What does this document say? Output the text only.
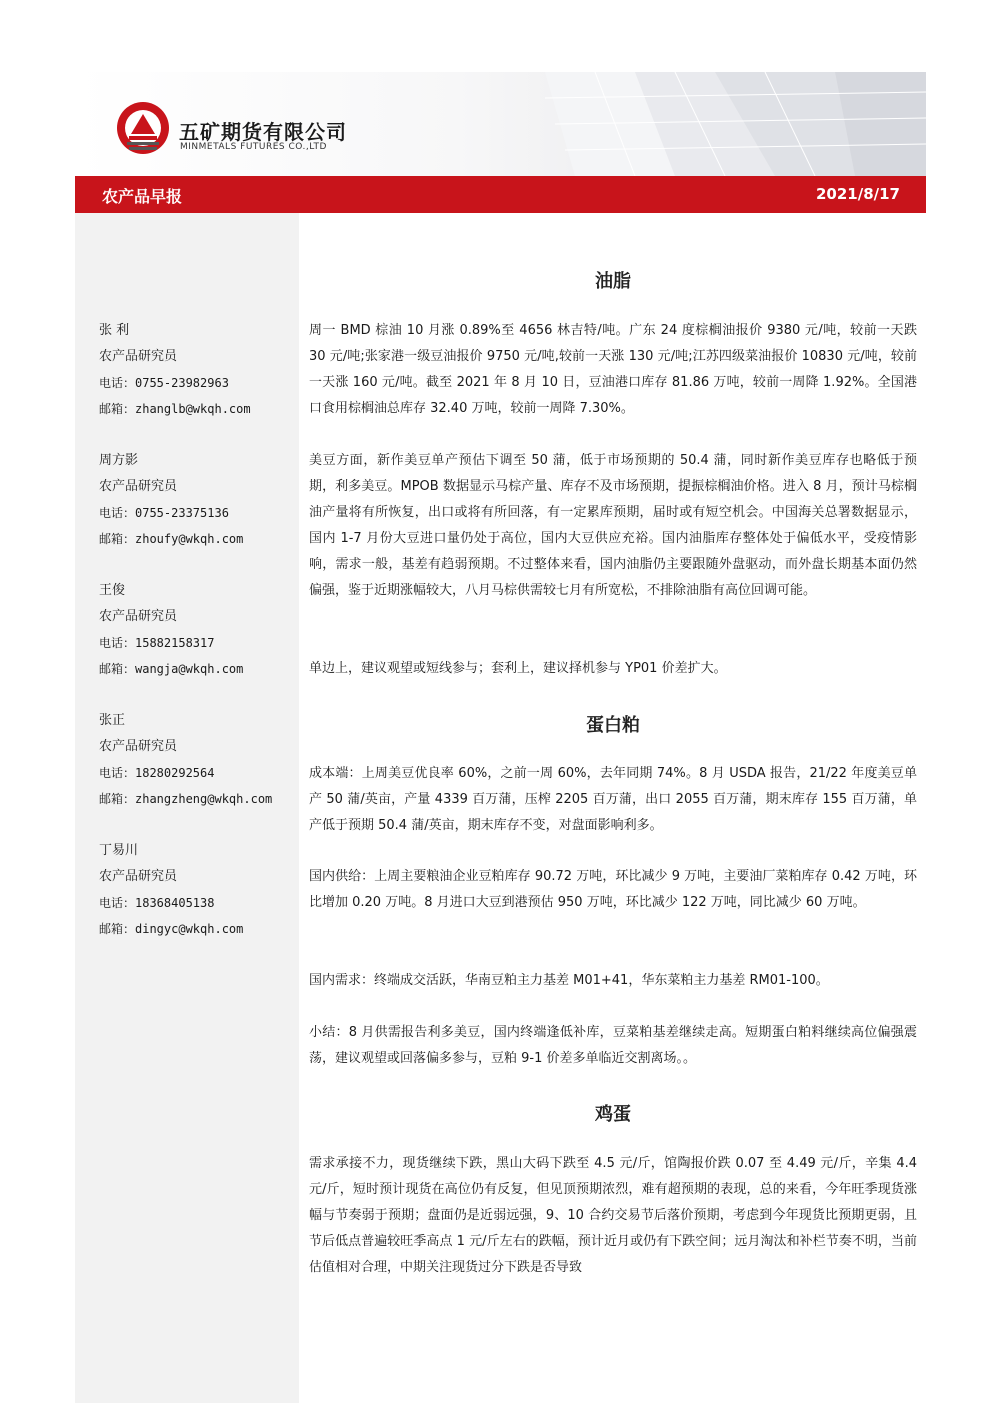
五矿期货有限公司
MINMETALS FUTURES CO.,LTD
农产品早报	2021/8/17
张 利
农产品研究员
电话：0755-23982963
邮箱：zhanglb@wkqh.com
周方影
农产品研究员
电话：0755-23375136
邮箱：zhoufy@wkqh.com
王俊
农产品研究员
电话：15882158317
邮箱：wangja@wkqh.com
张正
农产品研究员
电话：18280292564
邮箱：zhangzheng@wkqh.com
丁易川
农产品研究员
电话：18368405138
邮箱：dingyc@wkqh.com
油脂
周一 BMD 棕油 10 月涨 0.89%至 4656 林吉特/吨。广东 24 度棕榈油报价 9380 元/吨，较前一天跌 30 元/吨;张家港一级豆油报价 9750 元/吨,较前一天涨 130 元/吨;江苏四级菜油报价 10830 元/吨，较前一天涨 160 元/吨。截至 2021 年 8 月 10 日，豆油港口库存 81.86 万吨，较前一周降 1.92%。全国港口食用棕榈油总库存 32.40 万吨，较前一周降 7.30%。
美豆方面，新作美豆单产预估下调至 50 蒲，低于市场预期的 50.4 蒲，同时新作美豆库存也略低于预期，利多美豆。MPOB 数据显示马棕产量、库存不及市场预期，提振棕榈油价格。进入 8 月，预计马棕榈油产量将有所恢复，出口或将有所回落，有一定累库预期，届时或有短空机会。中国海关总署数据显示，国内 1-7 月份大豆进口量仍处于高位，国内大豆供应充裕。国内油脂库存整体处于偏低水平，受疫情影响，需求一般，基差有趋弱预期。不过整体来看，国内油脂仍主要跟随外盘驱动，而外盘长期基本面仍然偏强，鉴于近期涨幅较大，八月马棕供需较七月有所宽松，不排除油脂有高位回调可能。
单边上，建议观望或短线参与；套利上，建议择机参与 YP01 价差扩大。
蛋白粕
成本端：上周美豆优良率 60%，之前一周 60%，去年同期 74%。8 月 USDA 报告，21/22 年度美豆单产 50 蒲/英亩，产量 4339 百万蒲，压榨 2205 百万蒲，出口 2055 百万蒲，期末库存 155 百万蒲，单产低于预期 50.4 蒲/英亩，期末库存不变，对盘面影响利多。
国内供给：上周主要粮油企业豆粕库存 90.72 万吨，环比减少 9 万吨，主要油厂菜粕库存 0.42 万吨，环比增加 0.20 万吨。8 月进口大豆到港预估 950 万吨，环比减少 122 万吨，同比减少 60 万吨。
国内需求：终端成交活跃，华南豆粕主力基差 M01+41，华东菜粕主力基差 RM01-100。
小结：8 月供需报告利多美豆，国内终端逢低补库，豆菜粕基差继续走高。短期蛋白粕料继续高位偏强震荡，建议观望或回落偏多参与，豆粕 9-1 价差多单临近交割离场。。
鸡蛋
需求承接不力，现货继续下跌，黑山大码下跌至 4.5 元/斤，馆陶报价跌 0.07 至 4.49 元/斤，辛集 4.4 元/斤，短时预计现货在高位仍有反复，但见顶预期浓烈，难有超预期的表现，总的来看，今年旺季现货涨幅与节奏弱于预期；盘面仍是近弱远强，9、10 合约交易节后落价预期，考虑到今年现货比预期更弱，且节后低点普遍较旺季高点 1 元/斤左右的跌幅，预计近月或仍有下跌空间；远月淘汰和补栏节奏不明，当前估值相对合理，中期关注现货过分下跌是否导致
